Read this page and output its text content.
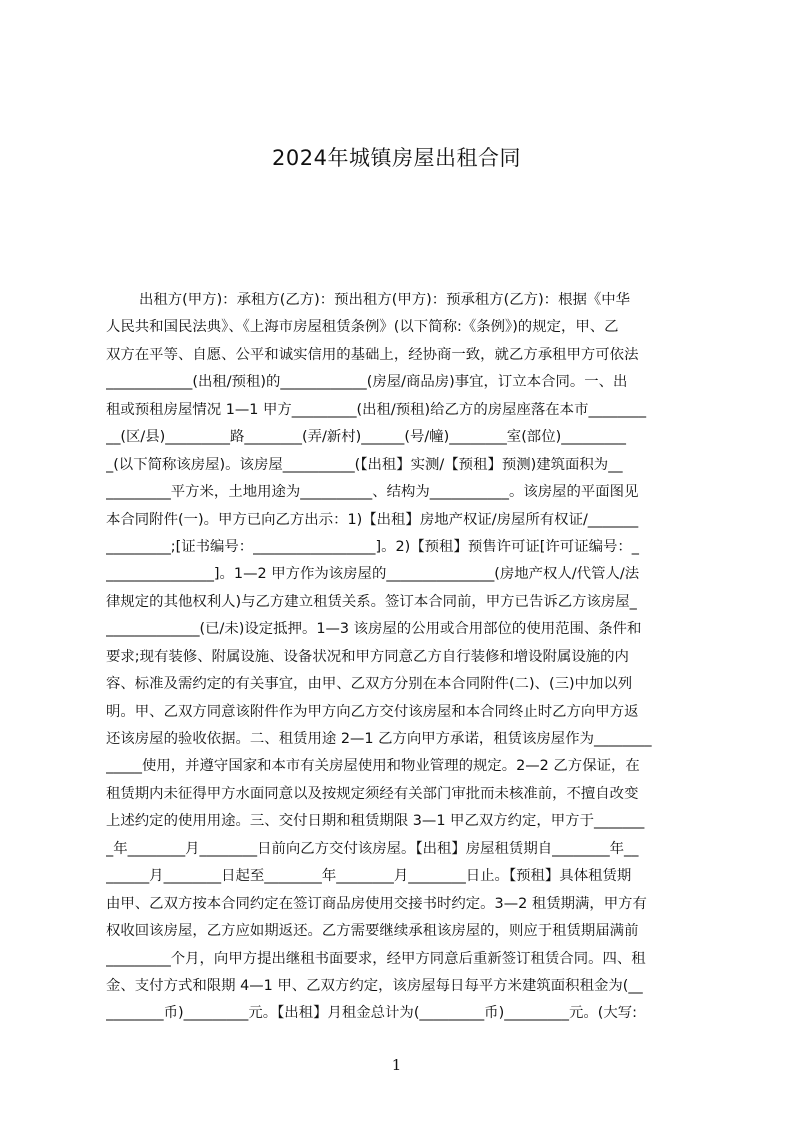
2024年城镇房屋出租合同
出租方(甲方)：承租方(乙方)：预出租方(甲方)：预承租方(乙方)：根据《中华
人民共和国民法典》、《上海市房屋租赁条例》(以下简称:《条例》)的规定，甲、乙
双方在平等、自愿、公平和诚实信用的基础上，经协商一致，就乙方承租甲方可依法
____________(出租/预租)的____________(房屋/商品房)事宜，订立本合同。一、出
租或预租房屋情况 1—1 甲方_________(出租/预租)给乙方的房屋座落在本市________
__(区/县)_________路________(弄/新村)______(号/幢)________室(部位)_________
_(以下简称该房屋)。该房屋__________(【出租】实测/【预租】预测)建筑面积为__
_________平方米，土地用途为__________、结构为___________。该房屋的平面图见
本合同附件(一)。甲方已向乙方出示：1)【出租】房地产权证/房屋所有权证/_______
_________;[证书编号：_________________]。2)【预租】预售许可证[许可证编号：_
_______________]。1—2 甲方作为该房屋的_______________(房地产权人/代管人/法
律规定的其他权利人)与乙方建立租赁关系。签订本合同前，甲方已告诉乙方该房屋_
_____________(已/未)设定抵押。1—3 该房屋的公用或合用部位的使用范围、条件和
要求;现有装修、附属设施、设备状况和甲方同意乙方自行装修和增设附属设施的内
容、标准及需约定的有关事宜，由甲、乙双方分别在本合同附件(二)、(三)中加以列
明。甲、乙双方同意该附件作为甲方向乙方交付该房屋和本合同终止时乙方向甲方返
还该房屋的验收依据。二、租赁用途 2—1 乙方向甲方承诺，租赁该房屋作为________
_____使用，并遵守国家和本市有关房屋使用和物业管理的规定。2—2 乙方保证，在
租赁期内未征得甲方水面同意以及按规定须经有关部门审批而未核准前，不擅自改变
上述约定的使用用途。三、交付日期和租赁期限 3—1 甲乙双方约定，甲方于_______
_年________月________日前向乙方交付该房屋。【出租】房屋租赁期自________年__
______月________日起至________年________月________日止。【预租】具体租赁期
由甲、乙双方按本合同约定在签订商品房使用交接书时约定。3—2 租赁期满，甲方有
权收回该房屋，乙方应如期返还。乙方需要继续承租该房屋的，则应于租赁期届满前
_________个月，向甲方提出继租书面要求，经甲方同意后重新签订租赁合同。四、租
金、支付方式和限期 4—1 甲、乙双方约定，该房屋每日每平方米建筑面积租金为(__
________币)_________元。【出租】月租金总计为(_________币)_________元。(大写:
1
